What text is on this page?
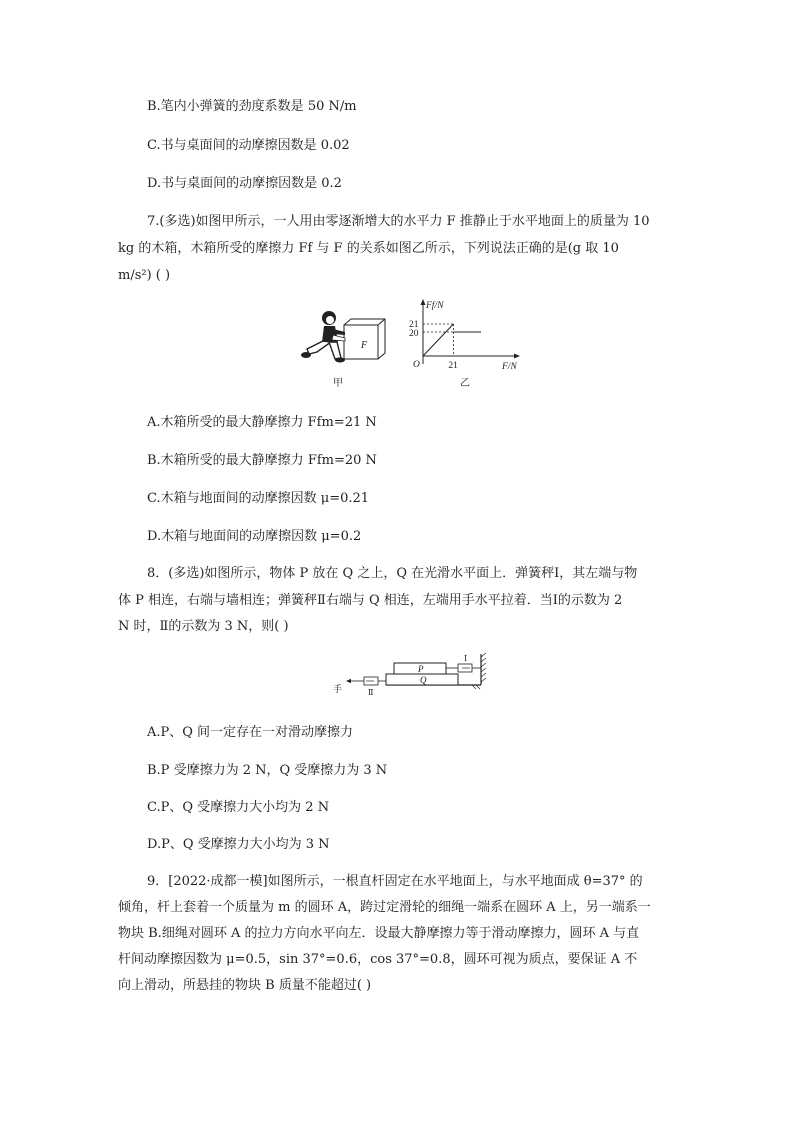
B.笔内小弹簧的劲度系数是 50 N/m
C.书与桌面间的动摩擦因数是 0.02
D.书与桌面间的动摩擦因数是 0.2
7.(多选)如图甲所示，一人用由零逐渐增大的水平力 F 推静止于水平地面上的质量为 10
kg 的木箱，木箱所受的摩擦力 Ff 与 F 的关系如图乙所示，下列说法正确的是(g 取 10
m/s²) ( )
F
甲
Ff/N
F/N
O
21
20
21
乙
A.木箱所受的最大静摩擦力 Ffm=21 N
B.木箱所受的最大静摩擦力 Ffm=20 N
C.木箱与地面间的动摩擦因数 μ=0.21
D.木箱与地面间的动摩擦因数 μ=0.2
8．(多选)如图所示，物体 P 放在 Q 之上，Q 在光滑水平面上．弹簧秤Ⅰ，其左端与物
体 P 相连，右端与墙相连；弹簧秤Ⅱ右端与 Q 相连，左端用手水平拉着．当Ⅰ的示数为 2
N 时，Ⅱ的示数为 3 N，则( )
Q
P
Ⅰ
Ⅱ
手
A.P、Q 间一定存在一对滑动摩擦力
B.P 受摩擦力为 2 N，Q 受摩擦力为 3 N
C.P、Q 受摩擦力大小均为 2 N
D.P、Q 受摩擦力大小均为 3 N
9．[2022·成都一模]如图所示，一根直杆固定在水平地面上，与水平地面成 θ=37° 的
倾角，杆上套着一个质量为 m 的圆环 A，跨过定滑轮的细绳一端系在圆环 A 上，另一端系一
物块 B.细绳对圆环 A 的拉力方向水平向左．设最大静摩擦力等于滑动摩擦力，圆环 A 与直
杆间动摩擦因数为 μ=0.5，sin 37°=0.6，cos 37°=0.8，圆环可视为质点，要保证 A 不
向上滑动，所悬挂的物块 B 质量不能超过( )
